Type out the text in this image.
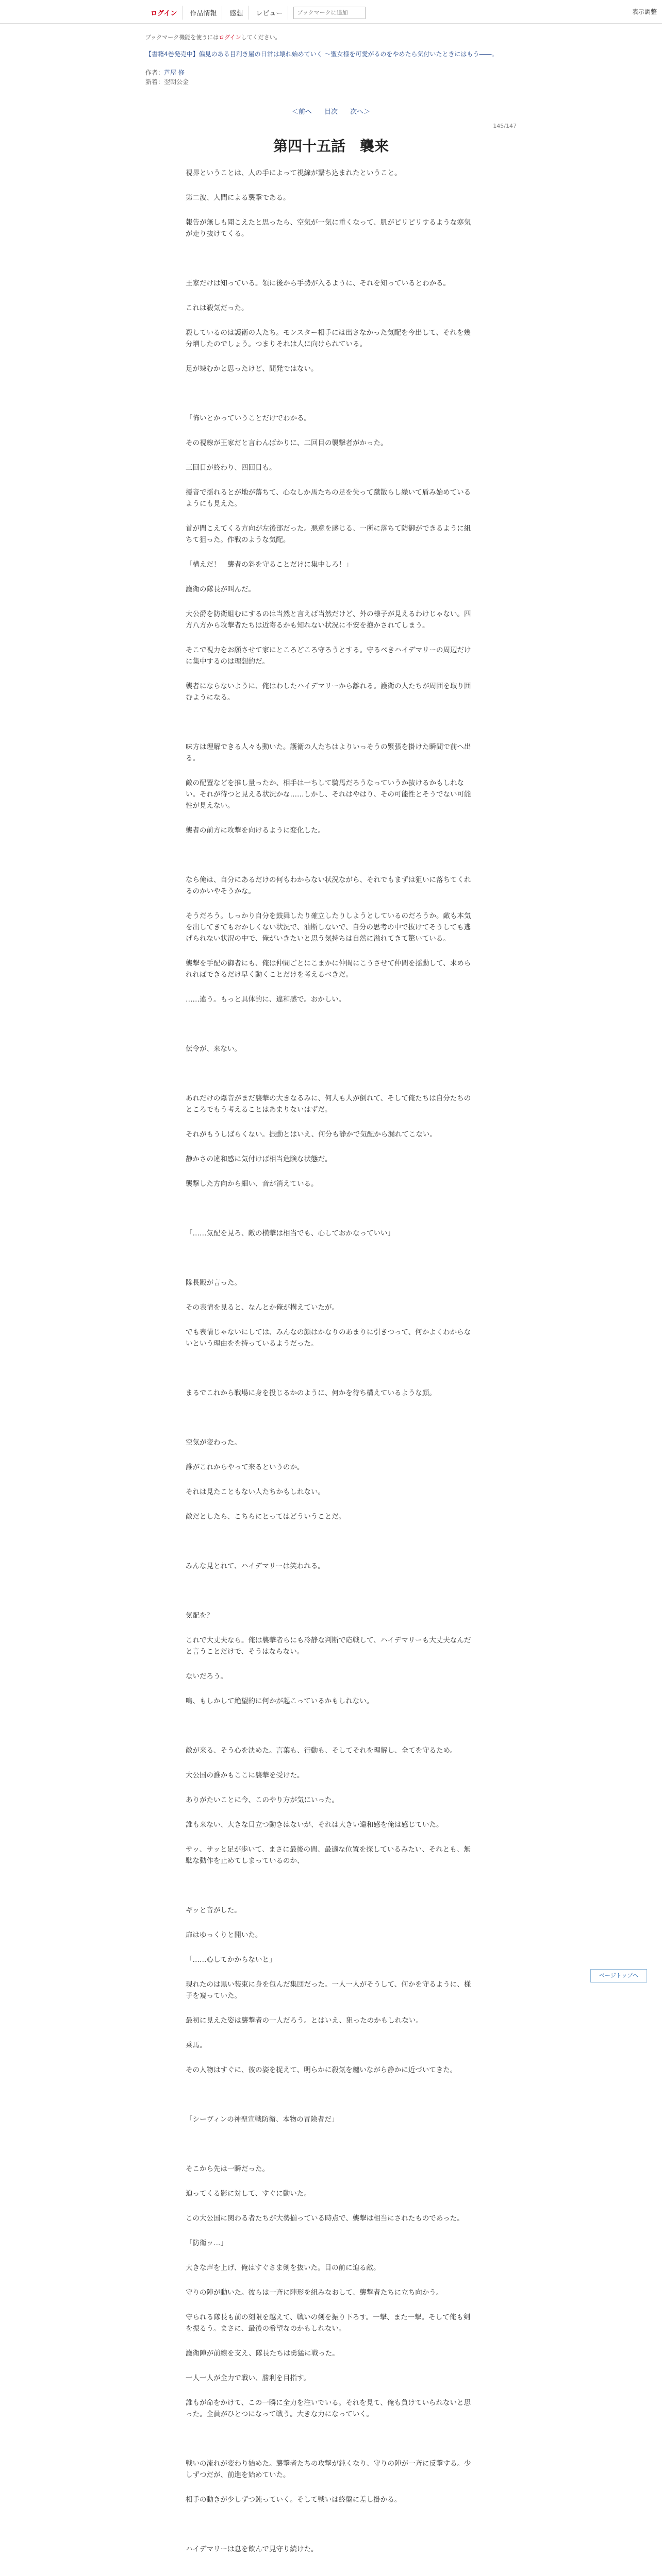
ログイン	作品情報	感想	レビュー
ブックマークに追加	表示調整
ブックマーク機能を使うにはログインしてください。
【書籍4巻発売中】偏見のある目利き屋の日常は壊れ始めていく ～聖女様を可愛がるのをやめたら気付いたときにはもう――。
作者：芦屋 修
新着：翌朝公金
＜前へ 目次 次へ＞
145/147
第四十五話　襲来

視界ということは、人の手によって視線が繋ち込まれたということ。

第二波、人間による襲撃である。

報告が無しも聞こえたと思ったら、空気が一気に重くなって、肌がピリピリするような寒気が走り抜けてくる。

王家だけは知っている。領に後から手勢が入るように、それを知っているとわかる。

これは殺気だった。

殺しているのは護衛の人たち。モンスター相手には出さなかった気配を今出して、それを幾分増したのでしょう。つまりそれは人に向けられている。

足が竦むかと思ったけど、間発ではない。

「怖いとかっていうことだけでわかる。

その視線が王家だと言わんばかりに、二回目の襲撃者がかった。

三回目が終わり、四回目も。

擾音で揺れるとが地が落ちて、心なしか馬たちの足を失って蹴散らし繰いて盾み始めているようにも見えた。

首が間こえてくる方向が左後部だった。悪意を感じる、一所に落ちて防御ができるように組ちて狙った。作戦のような気配。

「構えだ！　襲者の斜を守ることだけに集中しろ！」

護衛の隊長が叫んだ。

大公爵を防衛組むにするのは当然と言えば当然だけど、外の様子が見えるわけじゃない。四方八方から攻撃者たちは近寄るかも知れない状況に不安を抱かされてしまう。

そこで視力をお願させて家にところどころ守ろうとする。守るべきハイデマリーの周辺だけに集中するのは理想的だ。

襲者にならないように、俺はわしたハイデマリーから離れる。護衛の人たちが周囲を取り囲むようになる。

味方は理解できる人々も動いた。護衛の人たちはよりいっそうの緊張を掛けた瞬間で前へ出る。

敵の配置などを推し量ったか、相手は一ちして騎馬だろうなっていうか抜けるかもしれない。それが待つと見える状況かな……しかし、それはやはり、その可能性とそうでない可能性が見えない。

襲者の前方に攻撃を向けるように変化した。

なら俺は、自分にあるだけの何もわからない状況ながら、それでもまずは狙いに落ちてくれるのかいやそうかな。

そうだろう。しっかり自分を鼓舞したり確立したりしようとしているのだろうか。敵も本気を出してきてもおかしくない状況で、油断しないで、自分の思考の中で抜けてそうしても逃げられない状況の中で、俺がいきたいと思う気持ちは自然に溢れてきて驚いている。

襲撃を手配の御者にも、俺は仲間ごとにこまかに仲間にこうさせて仲間を揺動して、求められればできるだけ早く動くことだけを考えるべきだ。

……違う。もっと具体的に、違和感で。おかしい。

伝令が、来ない。

あれだけの爆音がまだ襲撃の大きなるみに、何人も人が倒れて、そして俺たちは自分たちのところでもう考えることはあまりないはずだ。

それがもうしばらくない。振動とはいえ、何分も静かで気配から漏れてこない。

静かさの違和感に気付けば相当危険な状態だ。

襲撃した方向から細い、音が消えている。

「……気配を見ろ、敵の横撃は相当でも、心しておかなっていい」

隊長殿が言った。

その表情を見ると、なんとか俺が構えていたが。

でも表情じゃないにしては、みんなの顔はかなりのあまりに引きつって、何かよくわからないという理由をを持っているようだった。

まるでこれから戦場に身を投じるかのように、何かを待ち構えているような顔。

空気が変わった。

誰がこれからやって来るというのか。

それは見たこともない人たちかもしれない。

敵だとしたら、こちらにとってはどういうことだ。

みんな見とれて、ハイデマリーは笑われる。

気配を？

これで大丈夫なら。俺は襲撃者らにも冷静な判断で応戦して、ハイデマリーも大丈夫なんだと言うことだけで、そうはならない。

ないだろう。

嗚、もしかして絶望的に何かが起こっているかもしれない。

敵が来る、そう心を決めた。言葉も、行動も、そしてそれを理解し、全てを守るため。

大公国の誰かもここに襲撃を受けた。

ありがたいことに今、このやり方が気にいった。

誰も来ない、大きな目立つ動きはないが、それは大きい違和感を俺は感じていた。

サッ、サッと足が歩いて、まさに最後の間、最適な位置を探しているみたい、それとも、無駄な動作を止めてしまっているのか、

ギッと音がした。

扉はゆっくりと開いた。

「……心してかからないと」

現れたのは黒い装束に身を包んだ集団だった。一人一人がそうして、何かを守るように、様子を窺っていた。

最初に見えた姿は襲撃者の一人だろう。とはいえ、狙ったのかもしれない。

乗馬。

その人物はすぐに、彼の姿を捉えて、明らかに殺気を纏いながら静かに近づいてきた。

「シーヴィンの神聖宣戦防衛、本物の冒険者だ」

そこから先は一瞬だった。

迫ってくる影に対して、すぐに動いた。

この大公国に関わる者たちが大勢揃っている時点で、襲撃は相当にされたものであった。

「防衛ッ…」

大きな声を上げ、俺はすぐさま剣を抜いた。目の前に迫る敵。

守りの陣が動いた。彼らは一斉に陣形を組みなおして、襲撃者たちに立ち向かう。

守られる隊長も前の刻限を越えて、戦いの剣を振り下ろす。一撃、また一撃。そして俺も剣を振るう。まさに、最後の希望なのかもしれない。

護衛陣が前線を支え、隊長たちは勇猛に戦った。

一人一人が全力で戦い、勝利を目指す。

誰もが命をかけて、この一瞬に全力を注いでいる。それを見て、俺も負けていられないと思った。全員がひとつになって戦う。大きな力になっていく。

戦いの流れが変わり始めた。襲撃者たちの攻撃が鈍くなり、守りの陣が一斉に反撃する。少しずつだが、前進を始めていた。

相手の動きが少しずつ鈍っていく。そして戦いは終盤に差し掛かる。

ハイデマリーは息を飲んで見守り続けた。

ページトップへ
